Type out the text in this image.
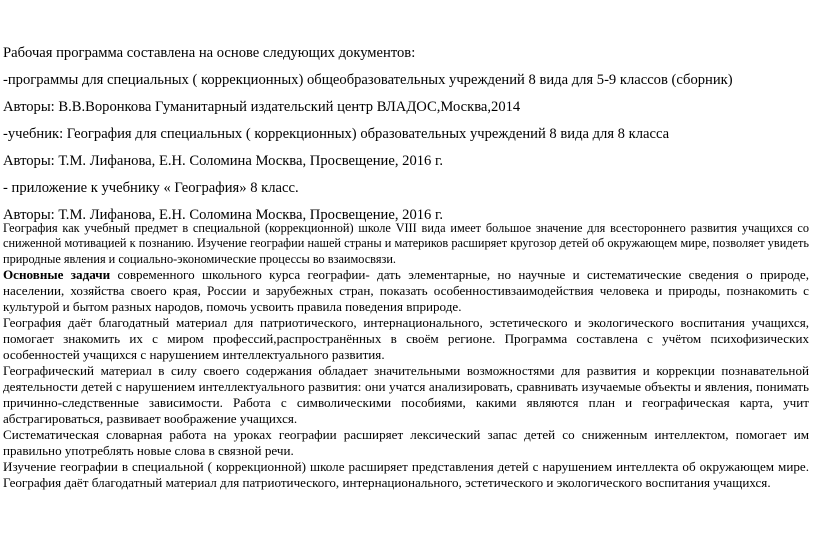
Рабочая программа составлена на основе следующих документов:
-программы для специальных ( коррекционных) общеобразовательных учреждений 8 вида для 5-9 классов (сборник)
Авторы: В.В.Воронкова Гуманитарный издательский центр ВЛАДОС,Москва,2014
-учебник: География для специальных ( коррекционных) образовательных учреждений 8 вида для 8 класса
Авторы: Т.М. Лифанова, Е.Н. Соломина Москва, Просвещение, 2016 г.
- приложение к учебнику « География» 8 класс.
Авторы: Т.М. Лифанова, Е.Н. Соломина Москва, Просвещение, 2016 г.

География как учебный предмет в специальной (коррекционной) школе VIII вида имеет большое значение для всестороннего развития учащихся со сниженной мотивацией к познанию. Изучение географии нашей страны и материков расширяет кругозор детей об окружающем мире, позволяет увидеть природные явления и социально-экономические процессы во взаимосвязи.

Основные задачи современного школьного курса географии- дать элементарные, но научные и систематические сведения о природе, населении, хозяйства своего края, России и зарубежных стран, показать особенностивзаимодействия человека и природы, познакомить с культурой и бытом разных народов, помочь усвоить правила поведения вприроде.

География даёт благодатный материал для патриотического, интернационального, эстетического и экологического воспитания учащихся, помогает знакомить их с миром профессий,распространённых в своём регионе. Программа составлена с учётом психофизических особенностей учащихся с нарушением интеллектуального развития.

Географический материал в силу своего содержания обладает значительными возможностями для развития и коррекции познавательной деятельности детей с нарушением интеллектуального развития: они учатся анализировать, сравнивать изучаемые объекты и явления, понимать причинно-следственные зависимости. Работа с символическими пособиями, какими являются план и географическая карта, учит абстрагироваться, развивает воображение учащихся.

Систематическая словарная работа на уроках географии расширяет лексический запас детей со сниженным интеллектом, помогает им правильно употреблять новые слова в связной речи.

Изучение географии в специальной ( коррекционной) школе расширяет представления детей с нарушением интеллекта об окружающем мире. География даёт благодатный материал для патриотического, интернационального, эстетического и экологического воспитания учащихся.
